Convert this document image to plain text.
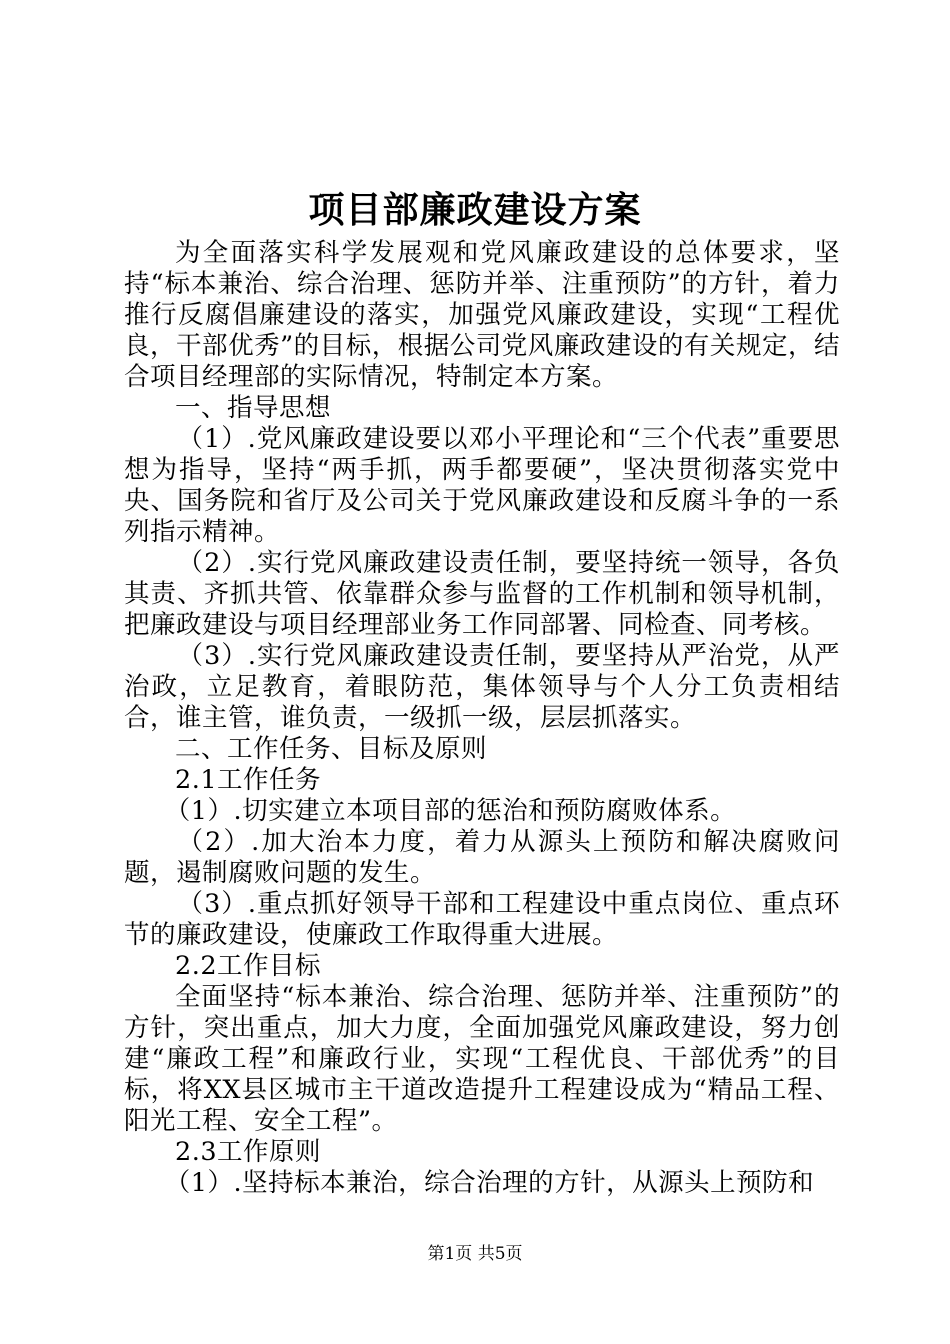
项目部廉政建设方案

为全面落实科学发展观和党风廉政建设的总体要求，坚持“标本兼治、综合治理、惩防并举、注重预防”的方针，着力推行反腐倡廉建设的落实，加强党风廉政建设，实现“工程优良，干部优秀”的目标，根据公司党风廉政建设的有关规定，结合项目经理部的实际情况，特制定本方案。

一、指导思想

（1）.党风廉政建设要以邓小平理论和“三个代表”重要思想为指导，坚持“两手抓，两手都要硬”，坚决贯彻落实党中央、国务院和省厅及公司关于党风廉政建设和反腐斗争的一系列指示精神。

（2）.实行党风廉政建设责任制，要坚持统一领导，各负其责、齐抓共管、依靠群众参与监督的工作机制和领导机制，把廉政建设与项目经理部业务工作同部署、同检查、同考核。

（3）.实行党风廉政建设责任制，要坚持从严治党，从严治政，立足教育，着眼防范，集体领导与个人分工负责相结合，谁主管，谁负责，一级抓一级，层层抓落实。

二、工作任务、目标及原则

2.1工作任务

（1）.切实建立本项目部的惩治和预防腐败体系。

（2）.加大治本力度，着力从源头上预防和解决腐败问题，遏制腐败问题的发生。

（3）.重点抓好领导干部和工程建设中重点岗位、重点环节的廉政建设，使廉政工作取得重大进展。

2.2工作目标

全面坚持“标本兼治、综合治理、惩防并举、注重预防”的方针，突出重点，加大力度，全面加强党风廉政建设，努力创建“廉政工程”和廉政行业，实现“工程优良、干部优秀”的目标，将XX县区城市主干道改造提升工程建设成为“精品工程、阳光工程、安全工程”。

2.3工作原则

（1）.坚持标本兼治，综合治理的方针，从源头上预防和

第1页 共5页
